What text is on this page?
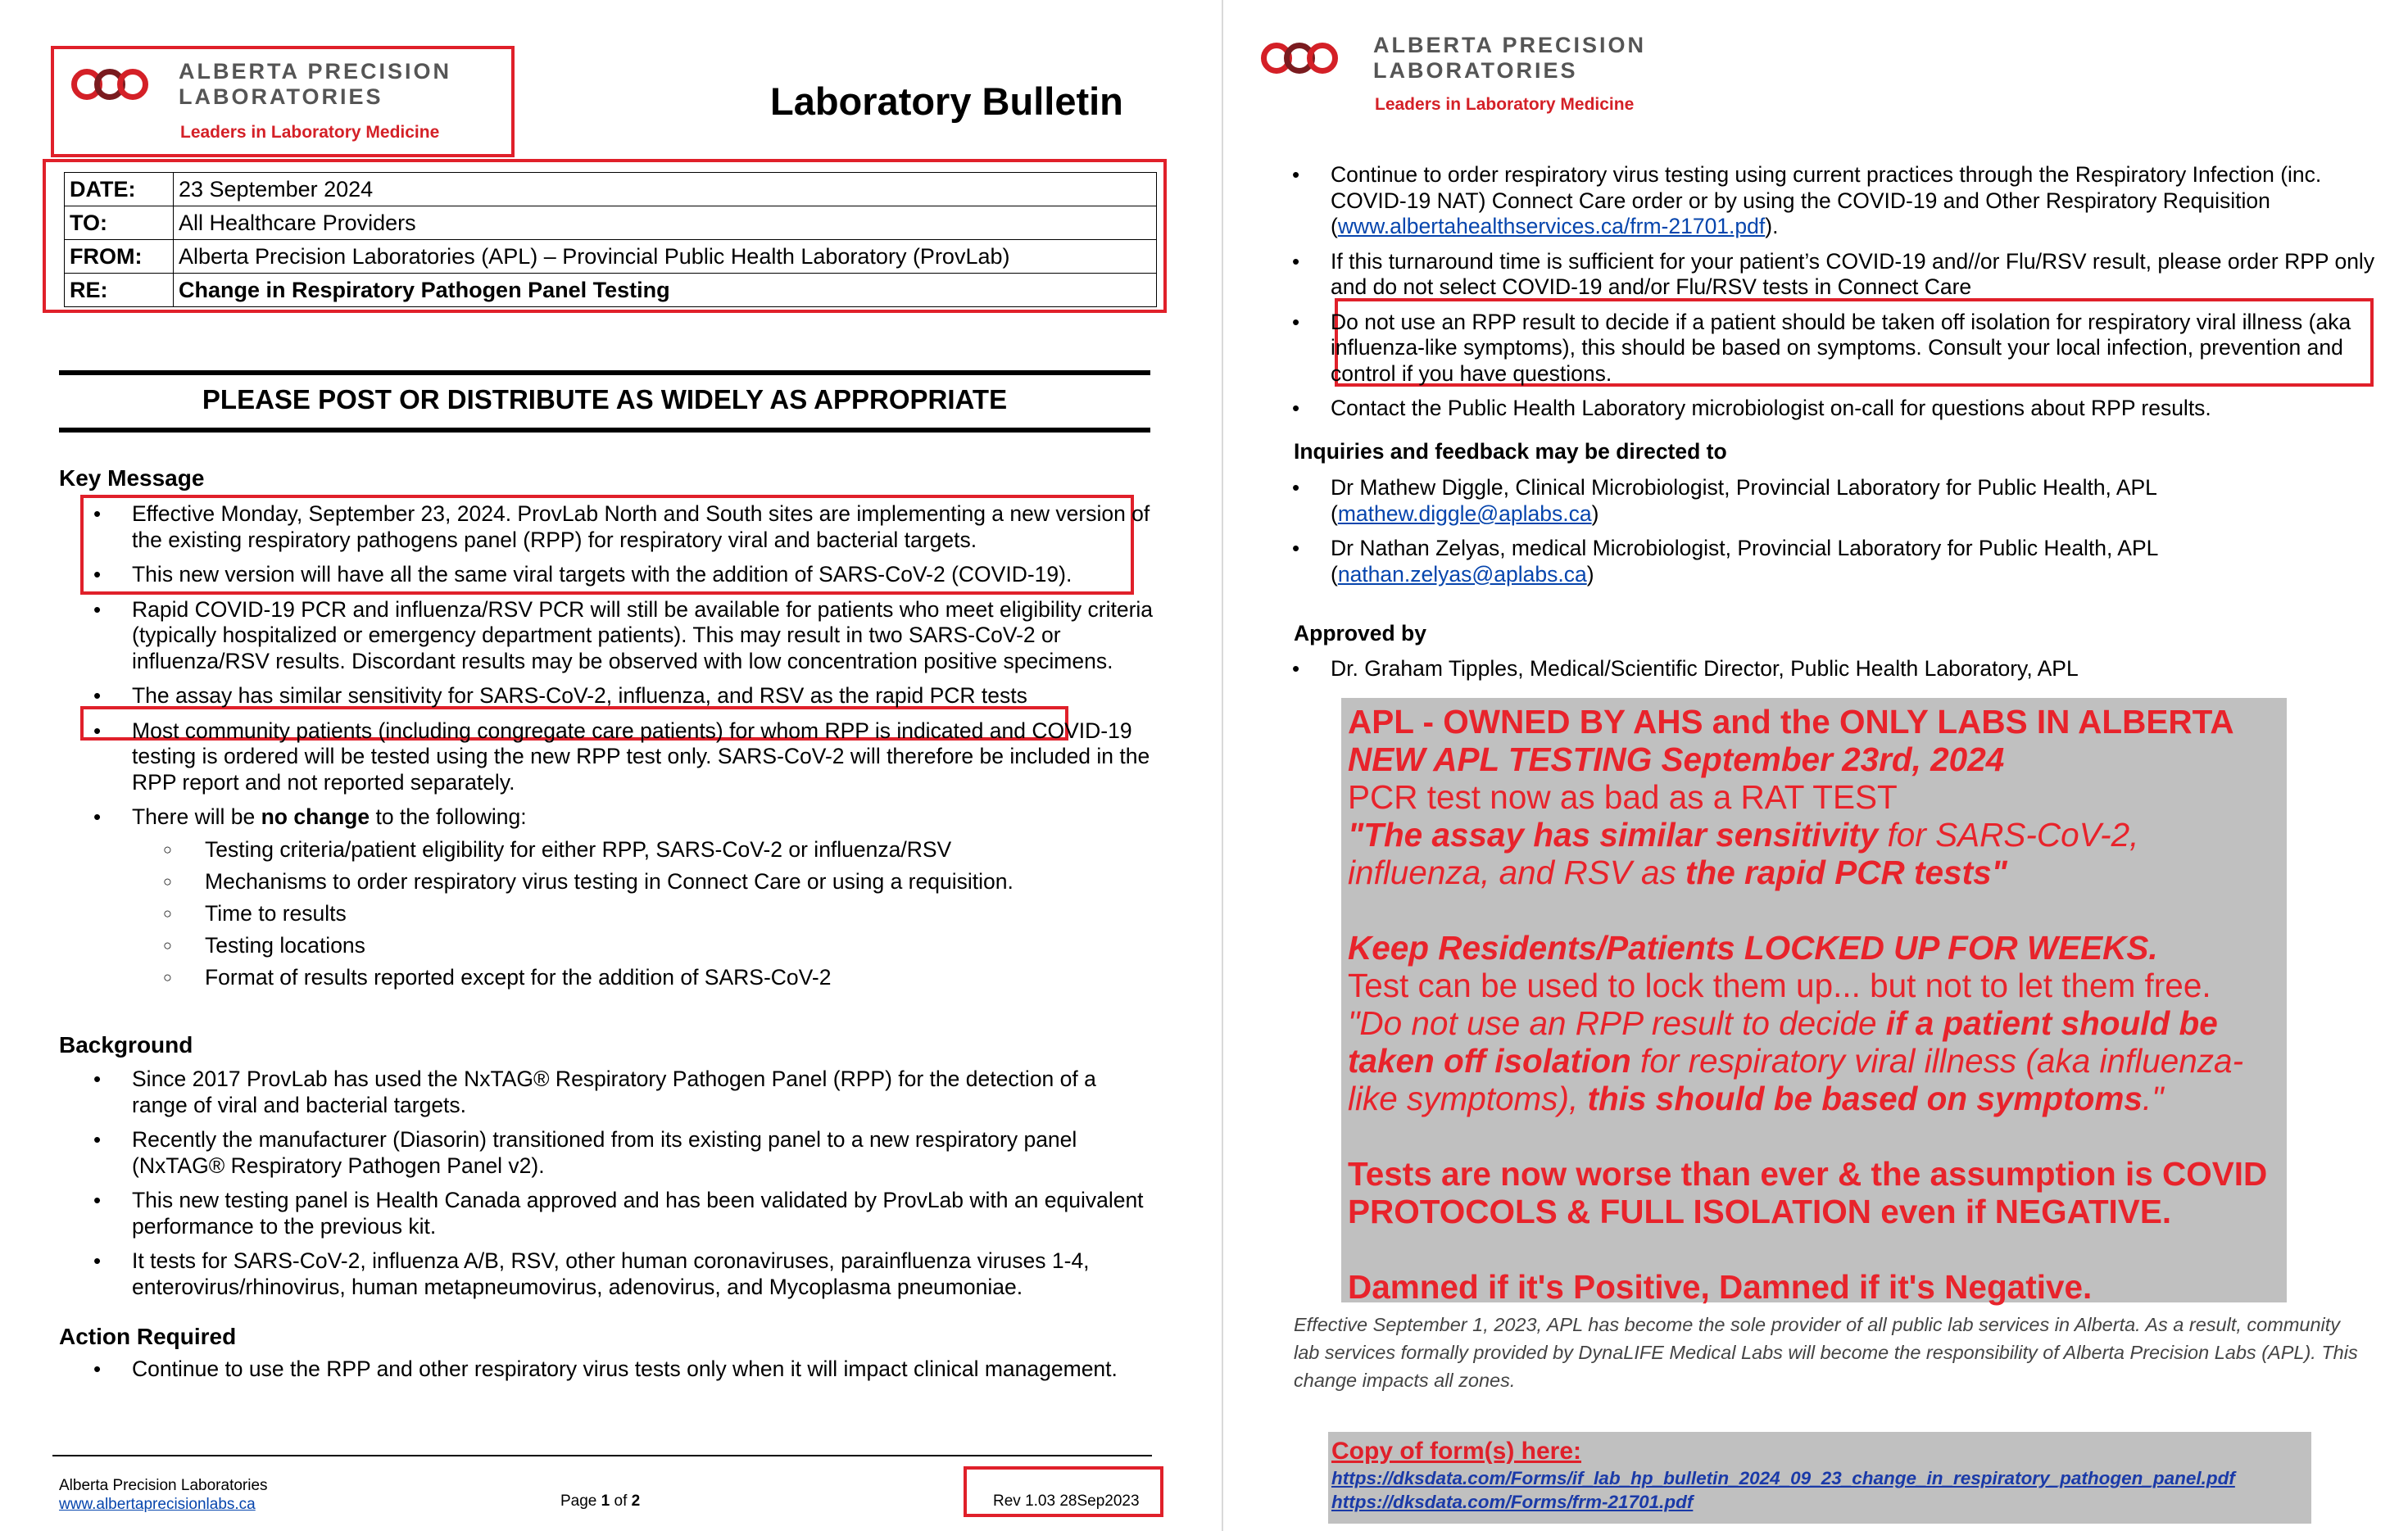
ALBERTA PRECISION
LABORATORIES
Leaders in Laboratory Medicine
Laboratory Bulletin
DATE:	23 September 2024
TO:	All Healthcare Providers
FROM:	Alberta Precision Laboratories (APL) – Provincial Public Health Laboratory (ProvLab)
RE:	Change in Respiratory Pathogen Panel Testing
PLEASE POST OR DISTRIBUTE AS WIDELY AS APPROPRIATE
Key Message
• Effective Monday, September 23, 2024. ProvLab North and South sites are implementing a new version of the existing respiratory pathogens panel (RPP) for respiratory viral and bacterial targets.
• This new version will have all the same viral targets with the addition of SARS-CoV-2 (COVID-19).
• Rapid COVID-19 PCR and influenza/RSV PCR will still be available for patients who meet eligibility criteria (typically hospitalized or emergency department patients). This may result in two SARS-CoV-2 or influenza/RSV results. Discordant results may be observed with low concentration positive specimens.
• The assay has similar sensitivity for SARS-CoV-2, influenza, and RSV as the rapid PCR tests
• Most community patients (including congregate care patients) for whom RPP is indicated and COVID-19 testing is ordered will be tested using the new RPP test only. SARS-CoV-2 will therefore be included in the RPP report and not reported separately.
• There will be no change to the following:
○ Testing criteria/patient eligibility for either RPP, SARS-CoV-2 or influenza/RSV
○ Mechanisms to order respiratory virus testing in Connect Care or using a requisition.
○ Time to results
○ Testing locations
○ Format of results reported except for the addition of SARS-CoV-2
Background
• Since 2017 ProvLab has used the NxTAG® Respiratory Pathogen Panel (RPP) for the detection of a range of viral and bacterial targets.
• Recently the manufacturer (Diasorin) transitioned from its existing panel to a new respiratory panel (NxTAG® Respiratory Pathogen Panel v2).
• This new testing panel is Health Canada approved and has been validated by ProvLab with an equivalent performance to the previous kit.
• It tests for SARS-CoV-2, influenza A/B, RSV, other human coronaviruses, parainfluenza viruses 1-4, enterovirus/rhinovirus, human metapneumovirus, adenovirus, and Mycoplasma pneumoniae.
Action Required
• Continue to use the RPP and other respiratory virus tests only when it will impact clinical management.
Alberta Precision Laboratories
www.albertaprecisionlabs.ca	Page 1 of 2	Rev 1.03 28Sep2023
ALBERTA PRECISION
LABORATORIES
Leaders in Laboratory Medicine
• Continue to order respiratory virus testing using current practices through the Respiratory Infection (inc. COVID-19 NAT) Connect Care order or by using the COVID-19 and Other Respiratory Requisition (www.albertahealthservices.ca/frm-21701.pdf).
• If this turnaround time is sufficient for your patient’s COVID-19 and//or Flu/RSV result, please order RPP only and do not select COVID-19 and/or Flu/RSV tests in Connect Care
• Do not use an RPP result to decide if a patient should be taken off isolation for respiratory viral illness (aka influenza-like symptoms), this should be based on symptoms. Consult your local infection, prevention and control if you have questions.
• Contact the Public Health Laboratory microbiologist on-call for questions about RPP results.
Inquiries and feedback may be directed to
• Dr Mathew Diggle, Clinical Microbiologist, Provincial Laboratory for Public Health, APL
(mathew.diggle@aplabs.ca)
• Dr Nathan Zelyas, medical Microbiologist, Provincial Laboratory for Public Health, APL
(nathan.zelyas@aplabs.ca)
Approved by
• Dr. Graham Tipples, Medical/Scientific Director, Public Health Laboratory, APL

APL - OWNED BY AHS and the ONLY LABS IN ALBERTA

NEW APL TESTING September 23rd, 2024

PCR test now as bad as a RAT TEST

"The assay has similar sensitivity for SARS-CoV-2, influenza, and RSV as the rapid PCR tests"

Keep Residents/Patients LOCKED UP FOR WEEKS.

Test can be used to lock them up... but not to let them free.

"Do not use an RPP result to decide if a patient should be taken off isolation for respiratory viral illness (aka influenza-like symptoms), this should be based on symptoms."

Tests are now worse than ever & the assumption is COVID PROTOCOLS & FULL ISOLATION even if NEGATIVE.

Damned if it's Positive, Damned if it's Negative.

Effective September 1, 2023, APL has become the sole provider of all public lab services in Alberta. As a result, community lab services formally provided by DynaLIFE Medical Labs will become the responsibility of Alberta Precision Labs (APL). This change impacts all zones.
Copy of form(s) here:
https://dksdata.com/Forms/if_lab_hp_bulletin_2024_09_23_change_in_respiratory_pathogen_panel.pdf
https://dksdata.com/Forms/frm-21701.pdf
